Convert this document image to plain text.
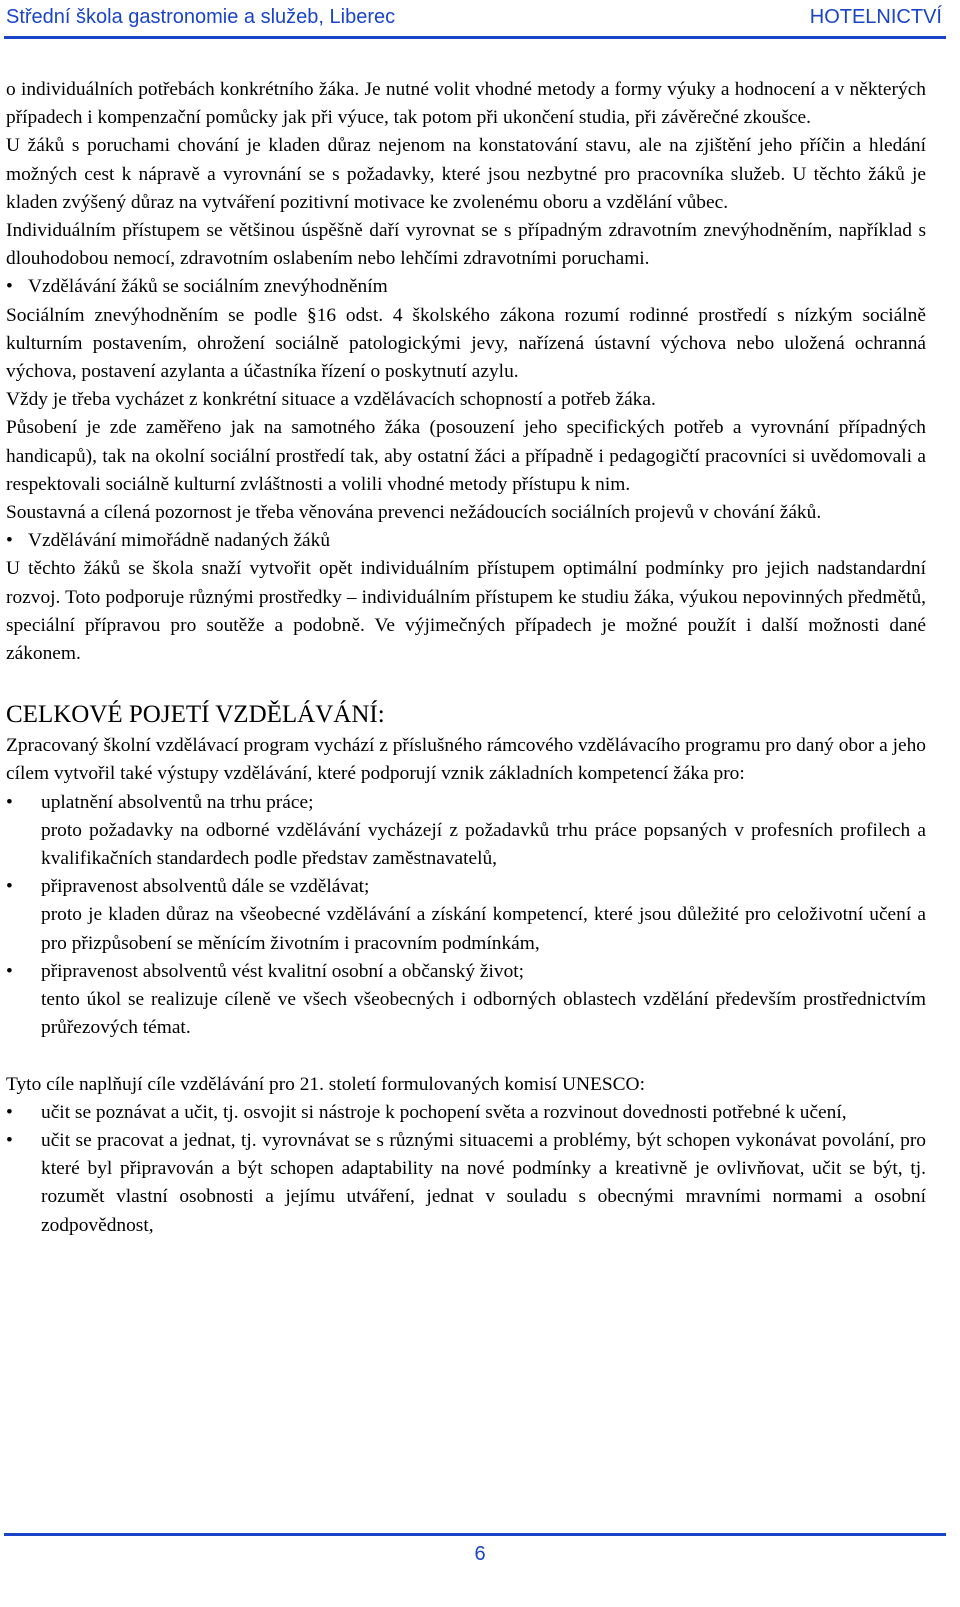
Střední škola gastronomie a služeb, Liberec	HOTELNICTVÍ

o individuálních potřebách konkrétního žáka. Je nutné volit vhodné metody a formy výuky a hodnocení a v některých případech i kompenzační pomůcky jak při výuce, tak potom při ukončení studia, při závěrečné zkoušce.

U žáků s poruchami chování je kladen důraz nejenom na konstatování stavu, ale na zjištění jeho příčin a hledání možných cest k nápravě a vyrovnání se s požadavky, které jsou nezbytné pro pracovníka služeb. U těchto žáků je kladen zvýšený důraz na vytváření pozitivní motivace ke zvolenému oboru a vzdělání vůbec.

Individuálním přístupem se většinou úspěšně daří vyrovnat se s případným zdravotním znevýhodněním, například s dlouhodobou nemocí, zdravotním oslabením nebo lehčími zdravotními poruchami.

• Vzdělávání žáků se sociálním znevýhodněním

Sociálním znevýhodněním se podle §16 odst. 4 školského zákona rozumí rodinné prostředí s nízkým sociálně kulturním postavením, ohrožení sociálně patologickými jevy, nařízená ústavní výchova nebo uložená ochranná výchova, postavení azylanta a účastníka řízení o poskytnutí azylu.

Vždy je třeba vycházet z konkrétní situace a vzdělávacích schopností a potřeb žáka.

Působení je zde zaměřeno jak na samotného žáka (posouzení jeho specifických potřeb a vyrovnání případných handicapů), tak na okolní sociální prostředí tak, aby ostatní žáci a případně i pedagogičtí pracovníci si uvědomovali a respektovali sociálně kulturní zvláštnosti a volili vhodné metody přístupu k nim.

Soustavná a cílená pozornost je třeba věnována prevenci nežádoucích sociálních projevů v chování žáků.

• Vzdělávání mimořádně nadaných žáků

U těchto žáků se škola snaží vytvořit opět individuálním přístupem optimální podmínky pro jejich nadstandardní rozvoj. Toto podporuje různými prostředky – individuálním přístupem ke studiu žáka, výukou nepovinných předmětů, speciální přípravou pro soutěže a podobně. Ve výjimečných případech je možné použít i další možnosti dané zákonem.

CELKOVÉ POJETÍ VZDĚLÁVÁNÍ:

Zpracovaný školní vzdělávací program vychází z příslušného rámcového vzdělávacího programu pro daný obor a jeho cílem vytvořil také výstupy vzdělávání, které podporují vznik základních kompetencí žáka pro:

• uplatnění absolventů na trhu práce;
proto požadavky na odborné vzdělávání vycházejí z požadavků trhu práce popsaných v profesních profilech a kvalifikačních standardech podle představ zaměstnavatelů,
• připravenost absolventů dále se vzdělávat;
proto je kladen důraz na všeobecné vzdělávání a získání kompetencí, které jsou důležité pro celoživotní učení a pro přizpůsobení se měnícím životním i pracovním podmínkám,
• připravenost absolventů vést kvalitní osobní a občanský život;
tento úkol se realizuje cíleně ve všech všeobecných i odborných oblastech vzdělání především prostřednictvím průřezových témat.

Tyto cíle naplňují cíle vzdělávání pro 21. století formulovaných komisí UNESCO:

• učit se poznávat a učit, tj. osvojit si nástroje k pochopení světa a rozvinout dovednosti potřebné k učení,
• učit se pracovat a jednat, tj. vyrovnávat se s různými situacemi a problémy, být schopen vykonávat povolání, pro které byl připravován a být schopen adaptability na nové podmínky a kreativně je ovlivňovat, učit se být, tj. rozumět vlastní osobnosti a jejímu utváření, jednat v souladu s obecnými mravními normami a osobní zodpovědnost,
6
